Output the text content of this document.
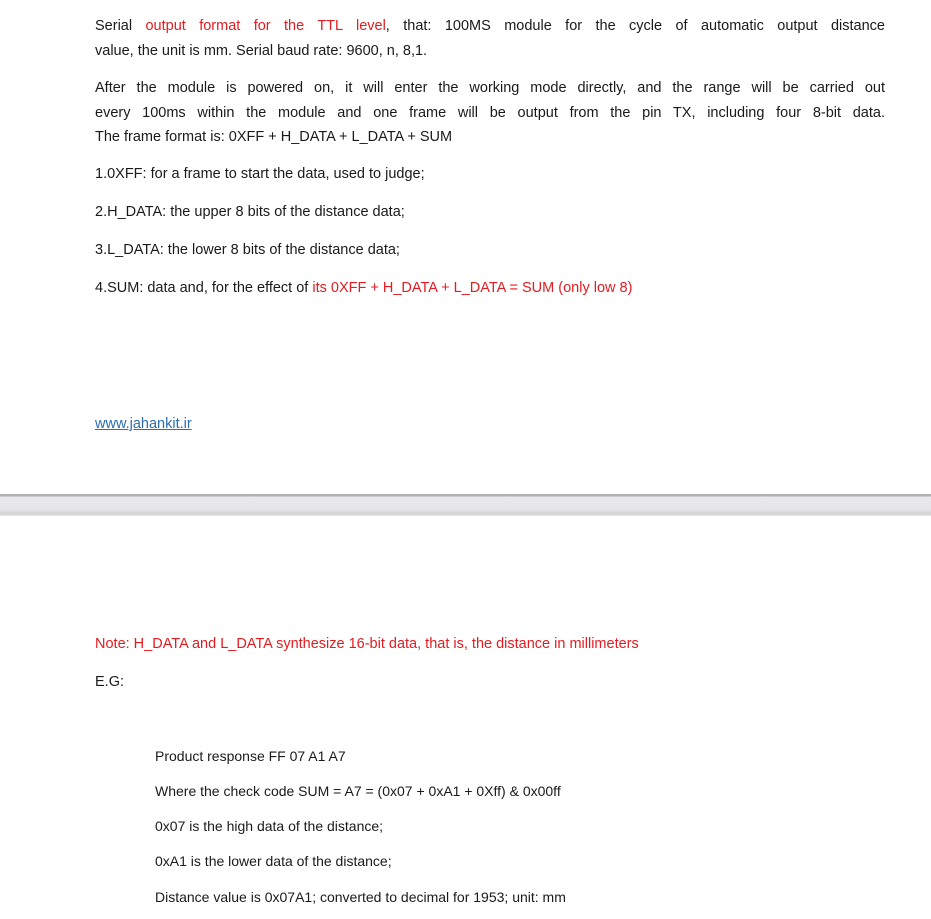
Serial output format for the TTL level, that: 100MS module for the cycle of automatic output distance
value, the unit is mm. Serial baud rate: 9600, n, 8,1.
After the module is powered on, it will enter the working mode directly, and the range will be carried out
every 100ms within the module and one frame will be output from the pin TX, including four 8-bit data.
The frame format is: 0XFF + H_DATA + L_DATA + SUM
1.0XFF: for a frame to start the data, used to judge;
2.H_DATA: the upper 8 bits of the distance data;
3.L_DATA: the lower 8 bits of the distance data;
4.SUM: data and, for the effect of its 0XFF + H_DATA + L_DATA = SUM (only low 8)
www.jahankit.ir
Note: H_DATA and L_DATA synthesize 16-bit data, that is, the distance in millimeters
E.G:
Product response FF 07 A1 A7
Where the check code SUM = A7 = (0x07 + 0xA1 + 0Xff) & 0x00ff
0x07 is the high data of the distance;
0xA1 is the lower data of the distance;
Distance value is 0x07A1; converted to decimal for 1953; unit: mm
